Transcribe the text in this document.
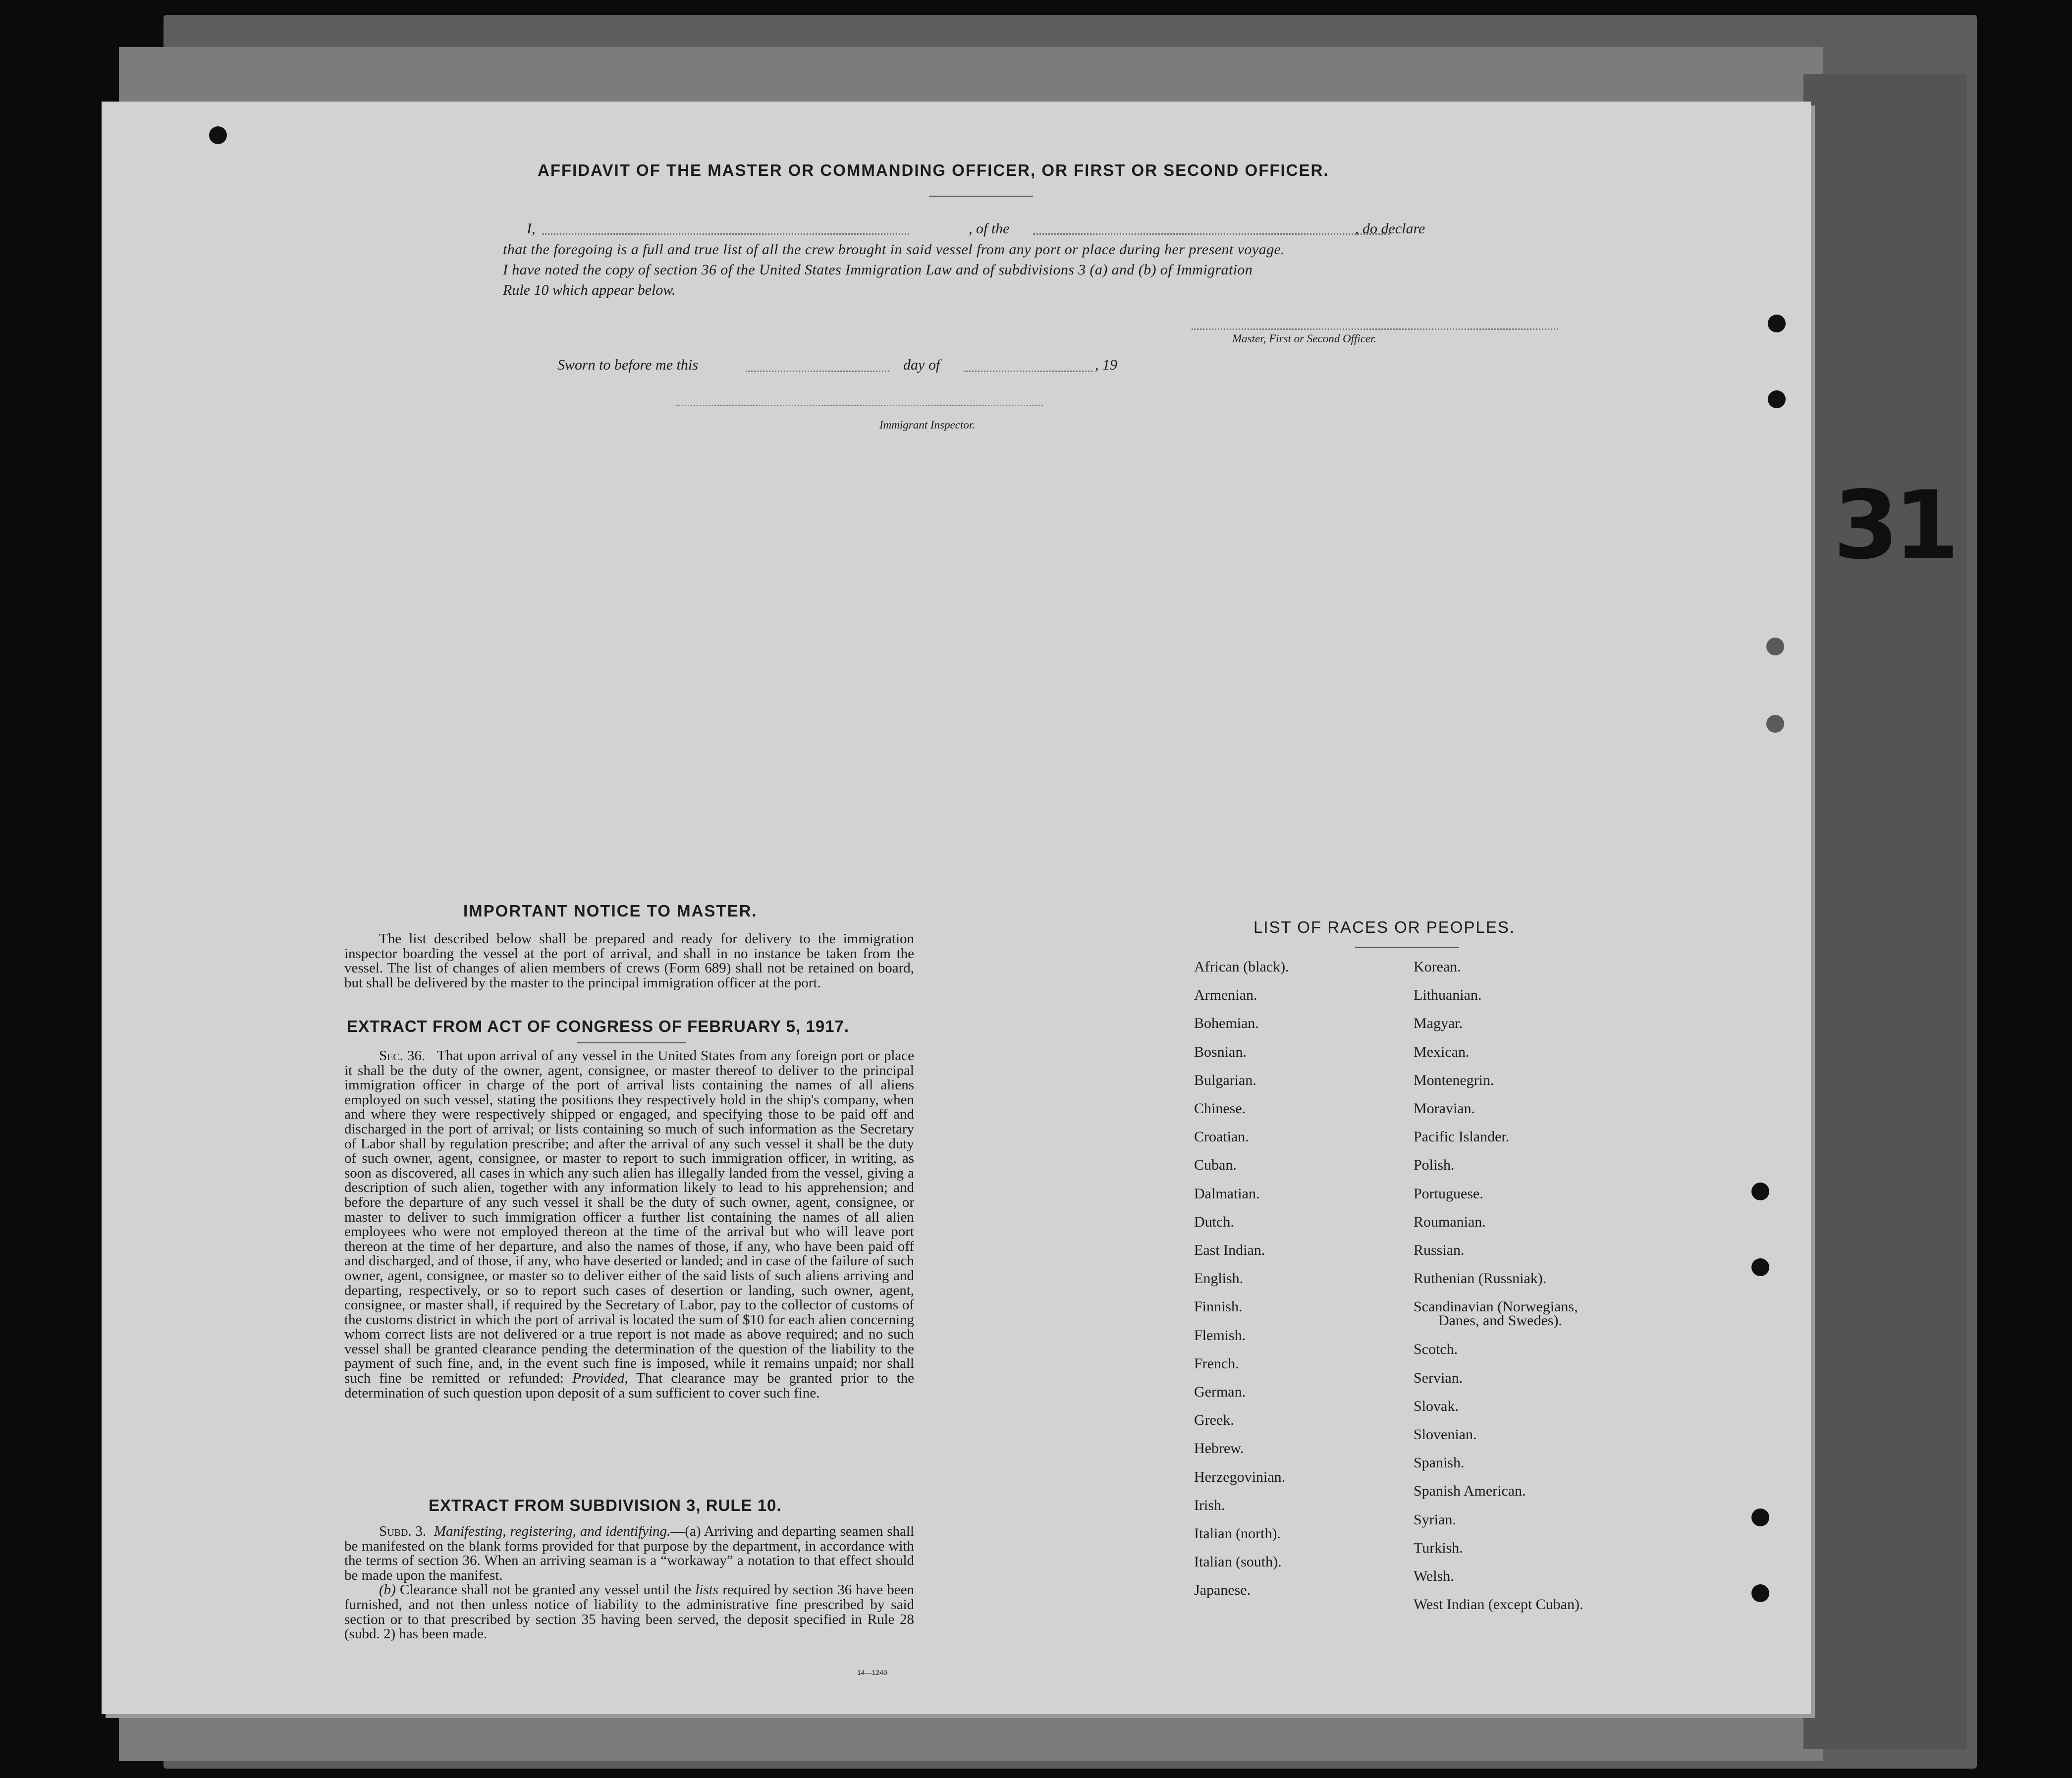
31
AFFIDAVIT OF THE MASTER OR COMMANDING OFFICER, OR FIRST OR SECOND OFFICER.
I,	, of the	, do declare
that the foregoing is a full and true list of all the crew brought in said vessel from any port or place during her present voyage.
I have noted the copy of section 36 of the United States Immigration Law and of subdivisions 3 (a) and (b) of Immigration
Rule 10 which appear below.
Master, First or Second Officer.
Sworn to before me this	day of	, 19
Immigrant Inspector.
IMPORTANT NOTICE TO MASTER.
The list described below shall be prepared and ready for delivery to the immigration inspector boarding the vessel at the port of arrival, and shall in no instance be taken from the vessel. The list of changes of alien members of crews (Form 689) shall not be retained on board, but shall be delivered by the master to the principal immigration officer at the port.
EXTRACT FROM ACT OF CONGRESS OF FEBRUARY 5, 1917.

Sec. 36. That upon arrival of any vessel in the United States from any foreign port or place it shall be the duty of the owner, agent, consignee, or master thereof to deliver to the principal immigration officer in charge of the port of arrival lists containing the names of all aliens employed on such vessel, stating the positions they respectively hold in the ship's company, when and where they were respectively shipped or engaged, and specifying those to be paid off and discharged in the port of arrival; or lists containing so much of such information as the Secretary of Labor shall by regulation prescribe; and after the arrival of any such vessel it shall be the duty of such owner, agent, consignee, or master to report to such immigration officer, in writing, as soon as discovered, all cases in which any such alien has illegally landed from the vessel, giving a description of such alien, together with any information likely to lead to his apprehension; and before the departure of any such vessel it shall be the duty of such owner, agent, consignee, or master to deliver to such immigration officer a further list containing the names of all alien employees who were not employed thereon at the time of the arrival but who will leave port thereon at the time of her departure, and also the names of those, if any, who have been paid off and discharged, and of those, if any, who have deserted or landed; and in case of the failure of such owner, agent, consignee, or master so to deliver either of the said lists of such aliens arriving and departing, respectively, or so to report such cases of desertion or landing, such owner, agent, consignee, or master shall, if required by the Secretary of Labor, pay to the collector of customs of the customs district in which the port of arrival is located the sum of $10 for each alien concerning whom correct lists are not delivered or a true report is not made as above required; and no such vessel shall be granted clearance pending the determination of the question of the liability to the payment of such fine, and, in the event such fine is imposed, while it remains unpaid; nor shall such fine be remitted or refunded: Provided, That clearance may be granted prior to the determination of such question upon deposit of a sum sufficient to cover such fine.

EXTRACT FROM SUBDIVISION 3, RULE 10.

Subd. 3. Manifesting, registering, and identifying.—(a) Arriving and departing seamen shall be manifested on the blank forms provided for that purpose by the department, in accordance with the terms of section 36. When an arriving seaman is a “workaway” a notation to that effect should be made upon the manifest.

(b) Clearance shall not be granted any vessel until the lists required by section 36 have been furnished, and not then unless notice of liability to the administrative fine prescribed by said section or to that prescribed by section 35 having been served, the deposit specified in Rule 28 (subd. 2) has been made.

14—1240
LIST OF RACES OR PEOPLES.
African (black).
Armenian.
Bohemian.
Bosnian.
Bulgarian.
Chinese.
Croatian.
Cuban.
Dalmatian.
Dutch.
East Indian.
English.
Finnish.
Flemish.
French.
German.
Greek.
Hebrew.
Herzegovinian.
Irish.
Italian (north).
Italian (south).
Japanese.
Korean.
Lithuanian.
Magyar.
Mexican.
Montenegrin.
Moravian.
Pacific Islander.
Polish.
Portuguese.
Roumanian.
Russian.
Ruthenian (Russniak).
Scandinavian (Norwegians,
Danes, and Swedes).
Scotch.
Servian.
Slovak.
Slovenian.
Spanish.
Spanish American.
Syrian.
Turkish.
Welsh.
West Indian (except Cuban).
